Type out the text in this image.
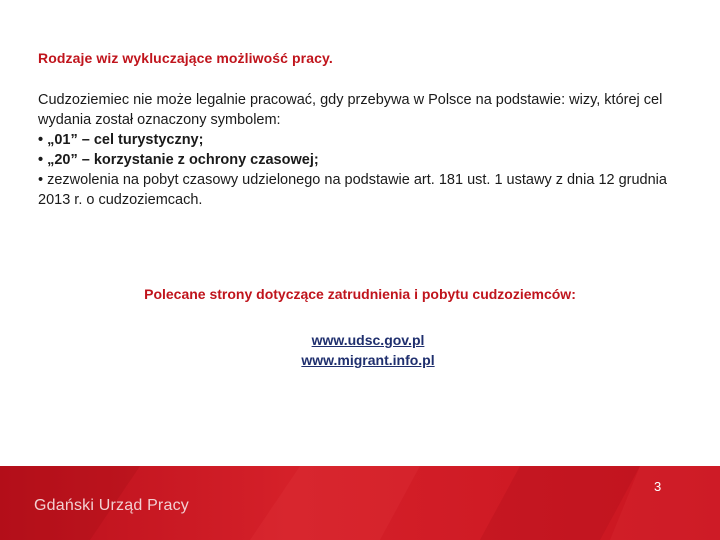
Rodzaje wiz wykluczające możliwość pracy.

Cudzoziemiec nie może legalnie pracować, gdy przebywa w Polsce na podstawie: wizy, której cel wydania został oznaczony symbolem:

• „01” – cel turystyczny;

• „20” – korzystanie z ochrony czasowej;

• zezwolenia na pobyt czasowy udzielonego na podstawie art. 181 ust. 1 ustawy z dnia 12 grudnia 2013 r. o cudzoziemcach.

Polecane strony dotyczące zatrudnienia i pobytu cudzoziemców:
www.udsc.gov.pl
www.migrant.info.pl
Gdański Urząd Pracy
3
